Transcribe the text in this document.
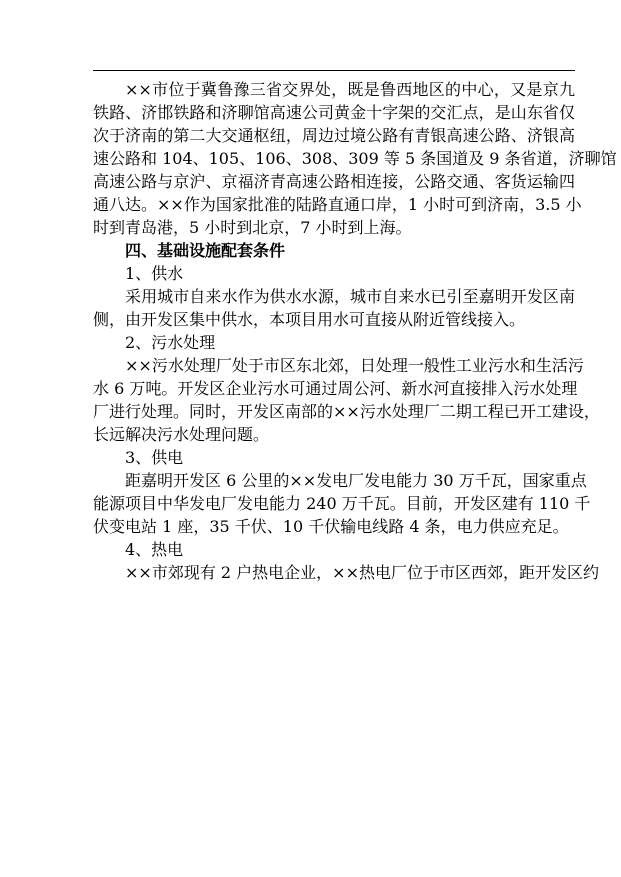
××市位于冀鲁豫三省交界处，既是鲁西地区的中心，又是京九
铁路、济邯铁路和济聊馆高速公司黄金十字架的交汇点，是山东省仅
次于济南的第二大交通枢纽，周边过境公路有青银高速公路、济银高
速公路和 104、105、106、308、309 等 5 条国道及 9 条省道，济聊馆
高速公路与京沪、京福济青高速公路相连接，公路交通、客货运输四
通八达。××作为国家批准的陆路直通口岸，1 小时可到济南，3.5 小
时到青岛港，5 小时到北京，7 小时到上海。
四、基础设施配套条件
1、供水
采用城市自来水作为供水水源，城市自来水已引至嘉明开发区南
侧，由开发区集中供水，本项目用水可直接从附近管线接入。
2、污水处理
××污水处理厂处于市区东北郊，日处理一般性工业污水和生活污
水 6 万吨。开发区企业污水可通过周公河、新水河直接排入污水处理
厂进行处理。同时，开发区南部的××污水处理厂二期工程已开工建设，
长远解决污水处理问题。
3、供电
距嘉明开发区 6 公里的××发电厂发电能力 30 万千瓦，国家重点
能源项目中华发电厂发电能力 240 万千瓦。目前，开发区建有 110 千
伏变电站 1 座，35 千伏、10 千伏输电线路 4 条，电力供应充足。
4、热电
××市郊现有 2 户热电企业，××热电厂位于市区西郊，距开发区约
